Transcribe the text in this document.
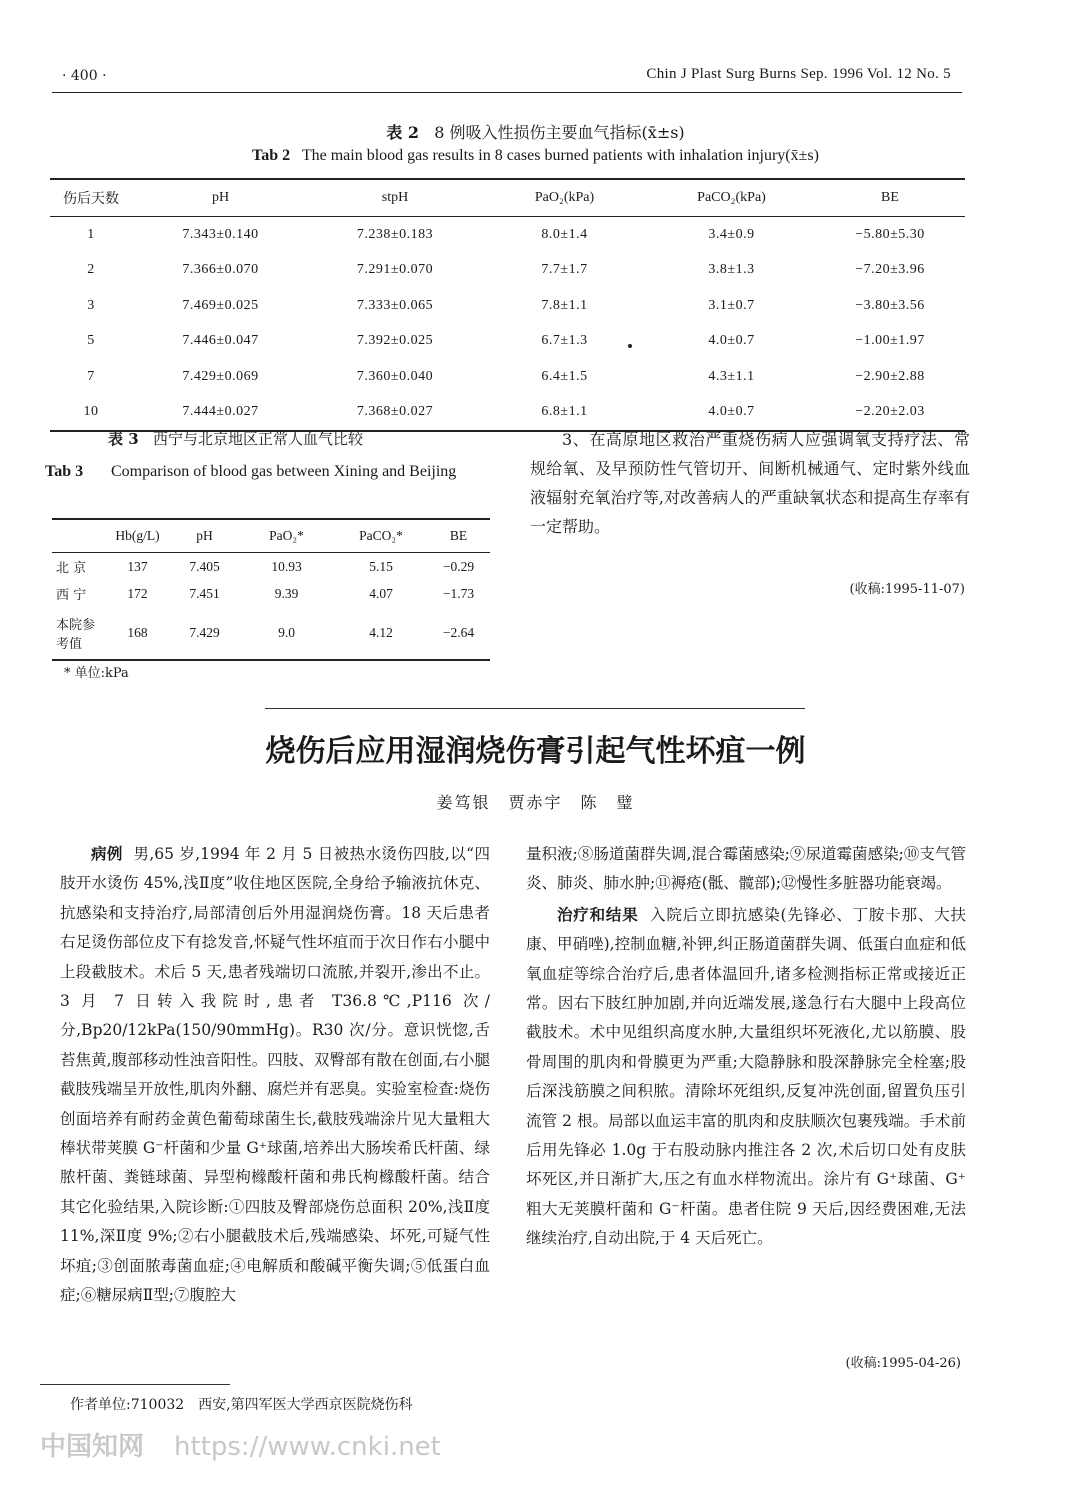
· 400 ·	Chin J Plast Surg Burns Sep. 1996 Vol. 12 No. 5
表 2 8 例吸入性损伤主要血气指标(x̄±s)
Tab 2 The main blood gas results in 8 cases burned patients with inhalation injury(x̄±s)
伤后天数	pH	stpH	PaO₂(kPa)	PaCO₂(kPa)	BE
1	7.343±0.140	7.238±0.183	8.0±1.4	3.4±0.9	−5.80±5.30
2	7.366±0.070	7.291±0.070	7.7±1.7	3.8±1.3	−7.20±3.96
3	7.469±0.025	7.333±0.065	7.8±1.1	3.1±0.7	−3.80±3.56
5	7.446±0.047	7.392±0.025	6.7±1.3	4.0±0.7	−1.00±1.97
7	7.429±0.069	7.360±0.040	6.4±1.5	4.3±1.1	−2.90±2.88
10	7.444±0.027	7.368±0.027	6.8±1.1	4.0±0.7	−2.20±2.03
表 3 西宁与北京地区正常人血气比较
Tab 3 Comparison of blood gas between Xining and Beijing
	Hb(g/L)	pH	PaO₂*	PaCO₂*	BE
北 京	137	7.405	10.93	5.15	−0.29
西 宁	172	7.451	9.39	4.07	−1.73
本院参考值	168	7.429	9.0	4.12	−2.64
* 单位:kPa
3、在高原地区救治严重烧伤病人应强调氧支持疗法、常规给氧、及早预防性气管切开、间断机械通气、定时紫外线血液辐射充氧治疗等,对改善病人的严重缺氧状态和提高生存率有一定帮助。
(收稿:1995-11-07)
烧伤后应用湿润烧伤膏引起气性坏疽一例
姜笃银　贾赤宇　陈　璧
病例 男,65 岁,1994 年 2 月 5 日被热水烫伤四肢,以“四肢开水烫伤 45%,浅Ⅱ度”收住地区医院,全身给予输液抗休克、抗感染和支持治疗,局部清创后外用湿润烧伤膏。18 天后患者右足烫伤部位皮下有捻发音,怀疑气性坏疽而于次日作右小腿中上段截肢术。术后 5 天,患者残端切口流脓,并裂开,渗出不止。3 月 7 日转入我院时,患者 T36.8℃,P116 次/分,Bp20/12kPa(150/90mmHg)。R30 次/分。意识恍惚,舌苔焦黄,腹部移动性浊音阳性。四肢、双臀部有散在创面,右小腿截肢残端呈开放性,肌肉外翻、腐烂并有恶臭。实验室检查:烧伤创面培养有耐药金黄色葡萄球菌生长,截肢残端涂片见大量粗大棒状带荚膜 G⁻杆菌和少量 G⁺球菌,培养出大肠埃希氏杆菌、绿脓杆菌、粪链球菌、异型枸橼酸杆菌和弗氏枸橼酸杆菌。结合其它化验结果,入院诊断:①四肢及臀部烧伤总面积 20%,浅Ⅱ度 11%,深Ⅱ度 9%;②右小腿截肢术后,残端感染、坏死,可疑气性坏疽;③创面脓毒菌血症;④电解质和酸碱平衡失调;⑤低蛋白血症;⑥糖尿病Ⅱ型;⑦腹腔大

量积液;⑧肠道菌群失调,混合霉菌感染;⑨尿道霉菌感染;⑩支气管炎、肺炎、肺水肿;⑪褥疮(骶、髋部);⑫慢性多脏器功能衰竭。

治疗和结果 入院后立即抗感染(先锋必、丁胺卡那、大扶康、甲硝唑),控制血糖,补钾,纠正肠道菌群失调、低蛋白血症和低氧血症等综合治疗后,患者体温回升,诸多检测指标正常或接近正常。因右下肢红肿加剧,并向近端发展,遂急行右大腿中上段高位截肢术。术中见组织高度水肿,大量组织坏死液化,尤以筋膜、股骨周围的肌肉和骨膜更为严重;大隐静脉和股深静脉完全栓塞;股后深浅筋膜之间积脓。清除坏死组织,反复冲洗创面,留置负压引流管 2 根。局部以血运丰富的肌肉和皮肤顺次包裹残端。手术前后用先锋必 1.0g 于右股动脉内推注各 2 次,术后切口处有皮肤坏死区,并日渐扩大,压之有血水样物流出。涂片有 G⁺球菌、G⁺粗大无荚膜杆菌和 G⁻杆菌。患者住院 9 天后,因经费困难,无法继续治疗,自动出院,于 4 天后死亡。

(收稿:1995-04-26)
作者单位:710032　西安,第四军医大学西京医院烧伤科
中国知网 https://www.cnki.net
